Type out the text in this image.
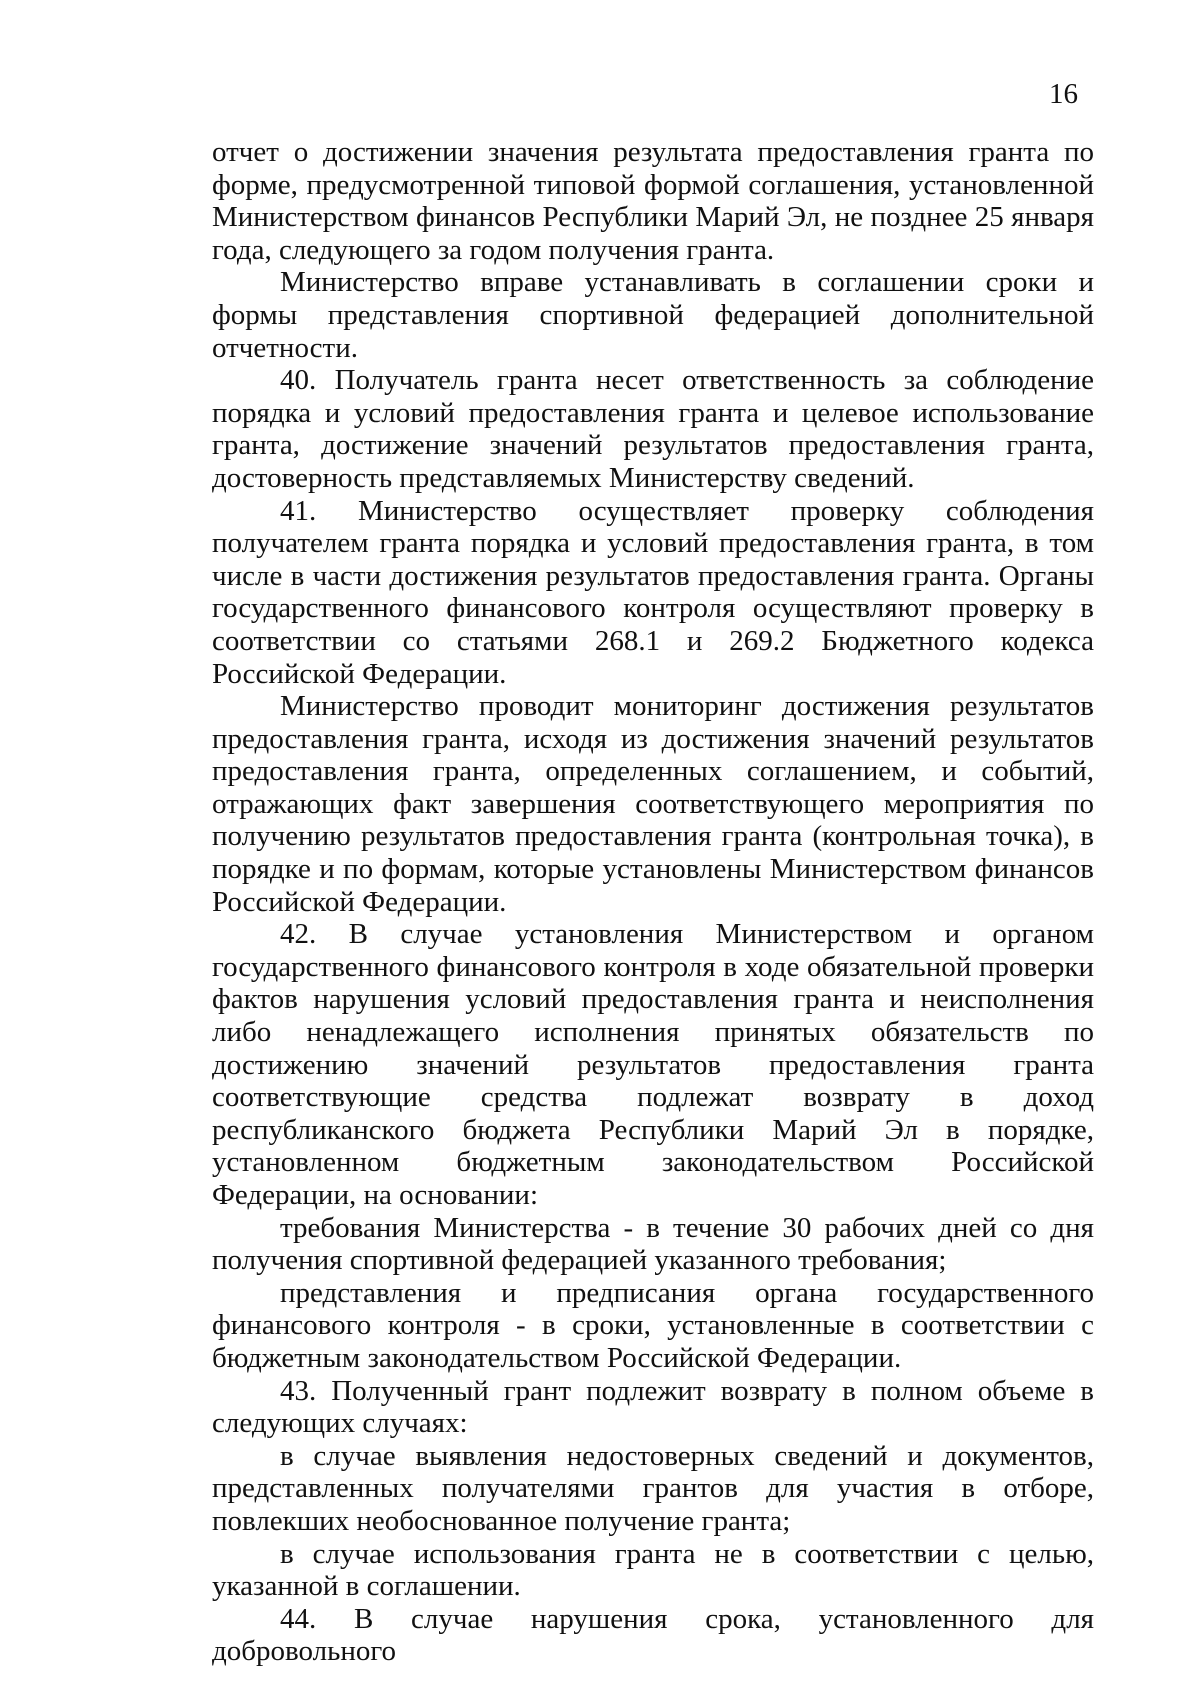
16

отчет о достижении значения результата предоставления гранта по форме, предусмотренной типовой формой соглашения, установленной Министерством финансов Республики Марий Эл, не позднее 25 января года, следующего за годом получения гранта.

Министерство вправе устанавливать в соглашении сроки и формы представления спортивной федерацией дополнительной отчетности.

40. Получатель гранта несет ответственность за соблюдение порядка и условий предоставления гранта и целевое использование гранта, достижение значений результатов предоставления гранта, достоверность представляемых Министерству сведений.

41. Министерство осуществляет проверку соблюдения получателем гранта порядка и условий предоставления гранта, в том числе в части достижения результатов предоставления гранта. Органы государственного финансового контроля осуществляют проверку в соответствии со статьями 268.1 и 269.2 Бюджетного кодекса Российской Федерации.

Министерство проводит мониторинг достижения результатов предоставления гранта, исходя из достижения значений результатов предоставления гранта, определенных соглашением, и событий, отражающих факт завершения соответствующего мероприятия по получению результатов предоставления гранта (контрольная точка), в порядке и по формам, которые установлены Министерством финансов Российской Федерации.

42. В случае установления Министерством и органом государственного финансового контроля в ходе обязательной проверки фактов нарушения условий предоставления гранта и неисполнения либо ненадлежащего исполнения принятых обязательств по достижению значений результатов предоставления гранта соответствующие средства подлежат возврату в доход республиканского бюджета Республики Марий Эл в порядке, установленном бюджетным законодательством Российской Федерации, на основании:

требования Министерства - в течение 30 рабочих дней со дня получения спортивной федерацией указанного требования;

представления и предписания органа государственного финансового контроля - в сроки, установленные в соответствии с бюджетным законодательством Российской Федерации.

43. Полученный грант подлежит возврату в полном объеме в следующих случаях:

в случае выявления недостоверных сведений и документов, представленных получателями грантов для участия в отборе, повлекших необоснованное получение гранта;

в случае использования гранта не в соответствии с целью, указанной в соглашении.

44. В случае нарушения срока, установленного для добровольного
